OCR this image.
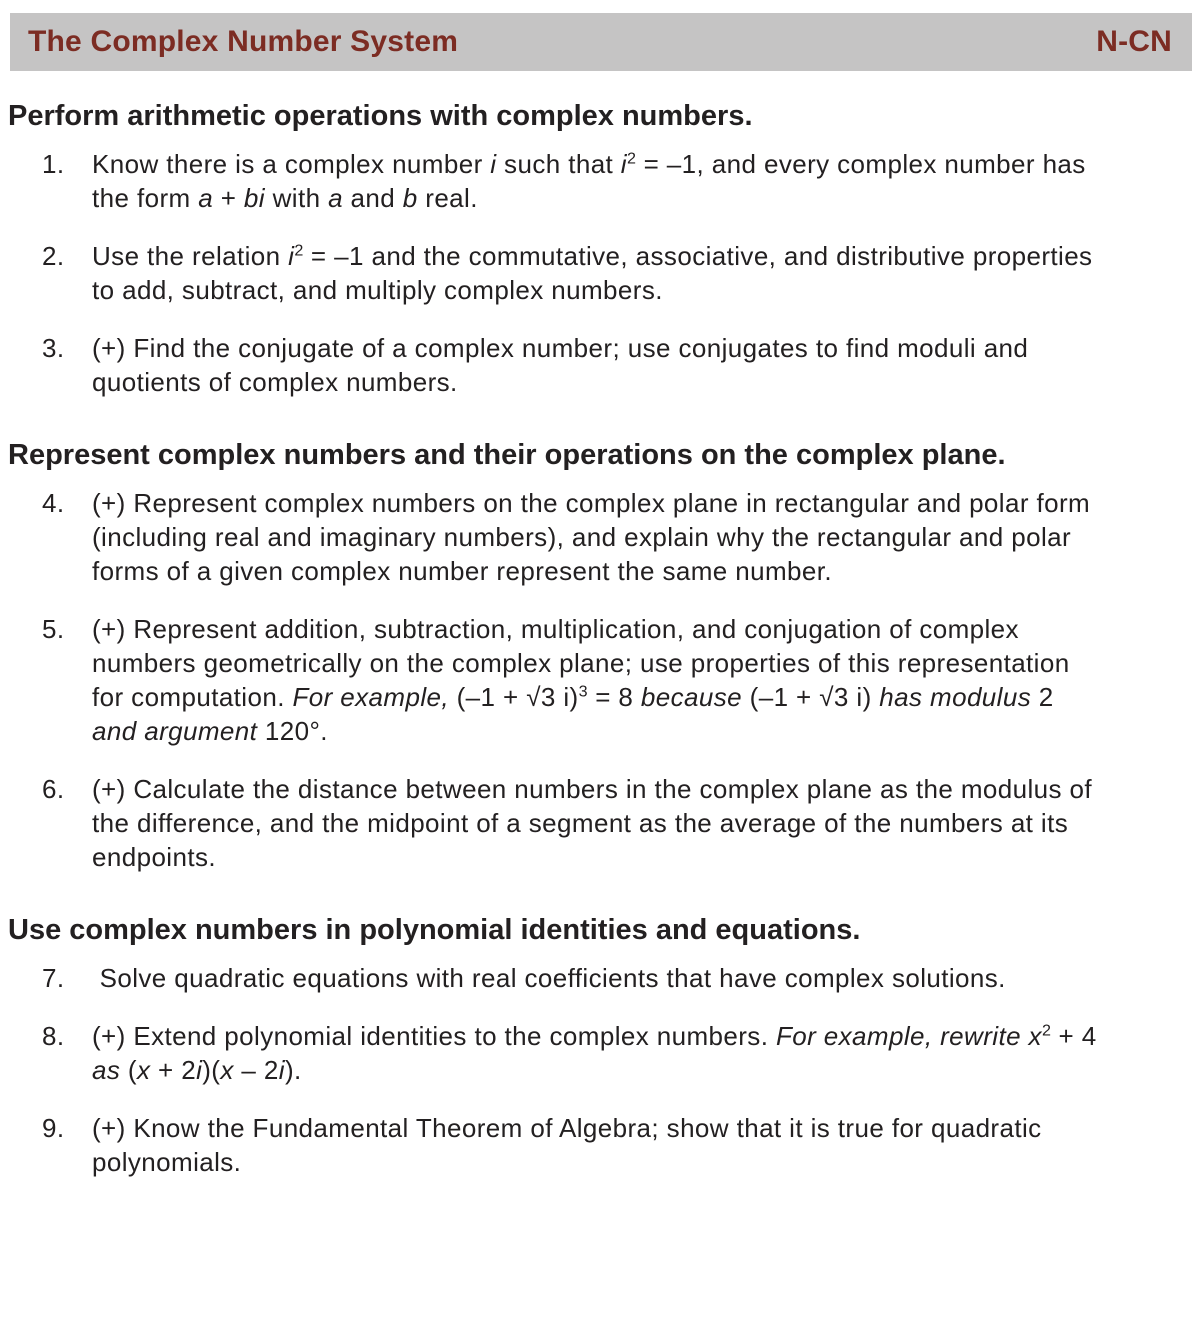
The Complex Number System	N-CN
Perform arithmetic operations with complex numbers.
1.	Know there is a complex number i such that $i^2 = -1$, and every complex number has the form a + bi with a and b real.
2.	Use the relation $i^2 = -1$ and the commutative, associative, and distributive properties to add, subtract, and multiply complex numbers.
3.	(+) Find the conjugate of a complex number; use conjugates to find moduli and quotients of complex numbers.
Represent complex numbers and their operations on the complex plane.
4.	(+) Represent complex numbers on the complex plane in rectangular and polar form (including real and imaginary numbers), and explain why the rectangular and polar forms of a given complex number represent the same number.
5.	(+) Represent addition, subtraction, multiplication, and conjugation of complex numbers geometrically on the complex plane; use properties of this representation for computation. For example, (–1 + √3 i)$^3$ = 8 because (–1 + √3 i) has modulus 2 and argument 120°.
6.	(+) Calculate the distance between numbers in the complex plane as the modulus of the difference, and the midpoint of a segment as the average of the numbers at its endpoints.
Use complex numbers in polynomial identities and equations.
7.	Solve quadratic equations with real coefficients that have complex solutions.
8.	(+) Extend polynomial identities to the complex numbers. For example, rewrite $x^2 + 4$ as (x + 2i)(x – 2i).
9.	(+) Know the Fundamental Theorem of Algebra; show that it is true for quadratic polynomials.
